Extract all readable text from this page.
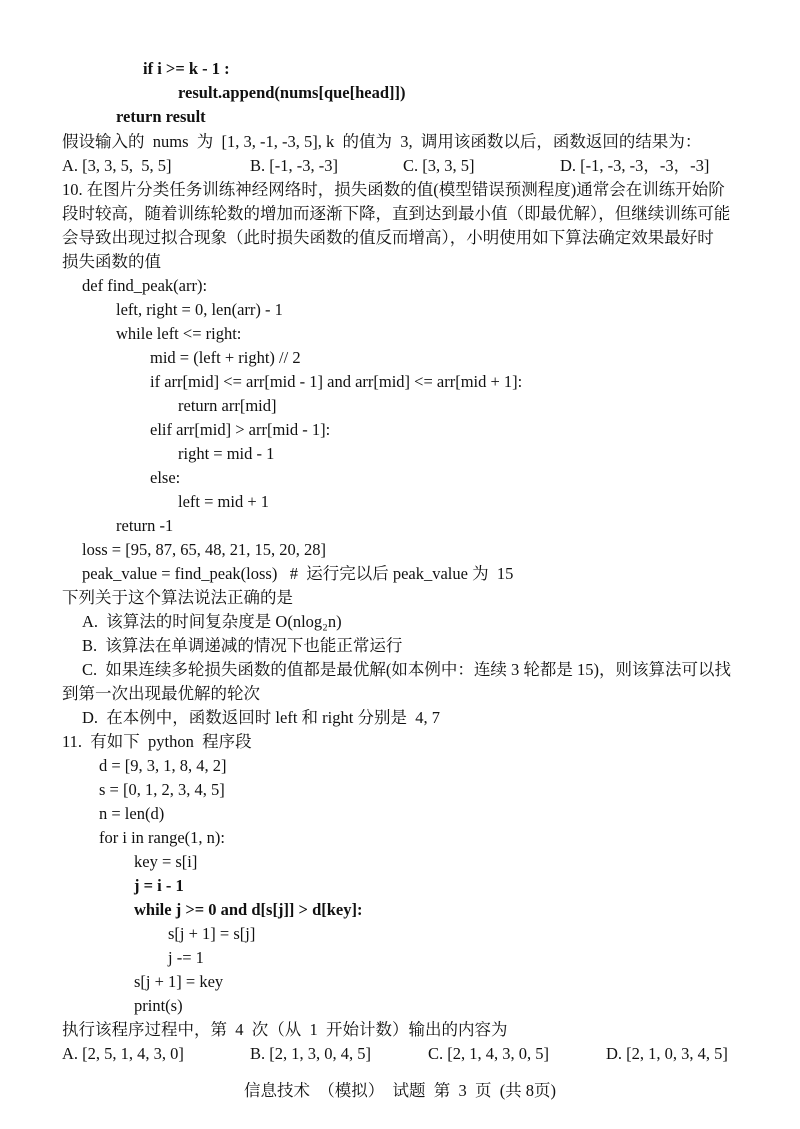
if i >= k - 1 :
result.append(nums[que[head]])
return result
假设输入的  nums  为  [1, 3, -1, -3, 5], k  的值为  3,  调用该函数以后，函数返回的结果为：
A. [3, 3, 5,  5, 5]	B. [-1, -3, -3]	C. [3, 3, 5]	D. [-1, -3, -3，-3，-3]
10. 在图片分类任务训练神经网络时，损失函数的值(模型错误预测程度)通常会在训练开始阶
段时较高，随着训练轮数的增加而逐渐下降，直到达到最小值（即最优解），但继续训练可能
会导致出现过拟合现象（此时损失函数的值反而增高），小明使用如下算法确定效果最好时
损失函数的值
def find_peak(arr):
left, right = 0, len(arr) - 1
while left <= right:
mid = (left + right) // 2
if arr[mid] <= arr[mid - 1] and arr[mid] <= arr[mid + 1]:
return arr[mid]
elif arr[mid] > arr[mid - 1]:
right = mid - 1
else:
left = mid + 1
return -1
loss = [95, 87, 65, 48, 21, 15, 20, 28]
peak_value = find_peak(loss)   #  运行完以后 peak_value 为  15
下列关于这个算法说法正确的是
A.  该算法的时间复杂度是 O(nlog₂n)
B.  该算法在单调递减的情况下也能正常运行
C.  如果连续多轮损失函数的值都是最优解(如本例中：连续 3 轮都是 15)，则该算法可以找
到第一次出现最优解的轮次
D.  在本例中，函数返回时 left 和 right 分别是  4, 7
11.  有如下  python  程序段
d = [9, 3, 1, 8, 4, 2]
s = [0, 1, 2, 3, 4, 5]
n = len(d)
for i in range(1, n):
key = s[i]
j = i - 1
while j >= 0 and d[s[j]] > d[key]:
s[j + 1] = s[j]
j -= 1
s[j + 1] = key
print(s)
执行该程序过程中，第  4  次（从  1  开始计数）输出的内容为
A. [2, 5, 1, 4, 3, 0]	B. [2, 1, 3, 0, 4, 5]	C. [2, 1, 4, 3, 0, 5]	D. [2, 1, 0, 3, 4, 5]
信息技术  （模拟）  试题  第  3  页  (共 8页)
